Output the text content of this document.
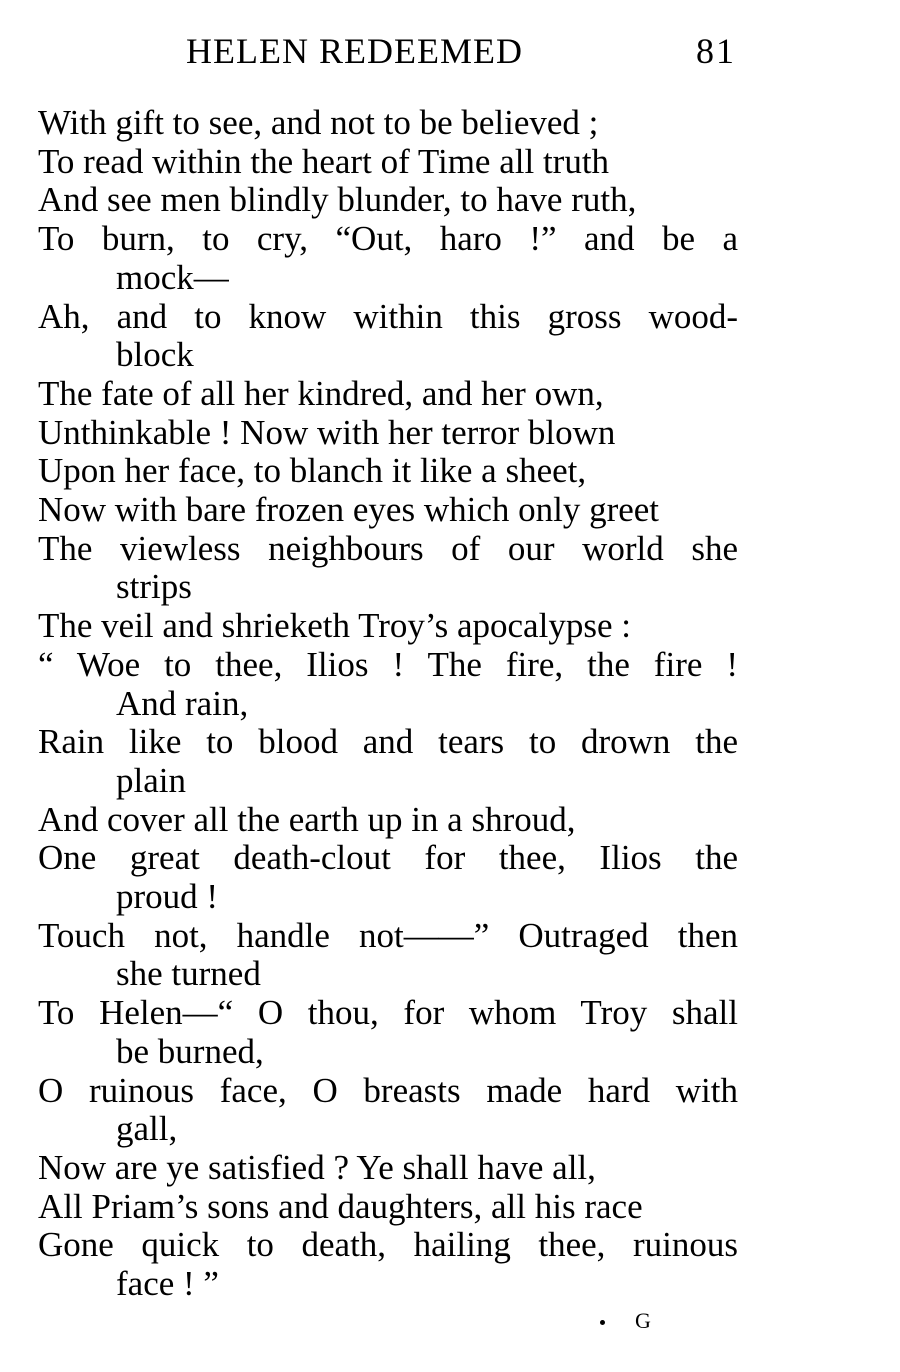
HELEN REDEEMED	81
With gift to see, and not to be believed ;
To read within the heart of Time all truth
And see men blindly blunder, to have ruth,
To burn, to cry, “Out, haro !” and be a
mock—
Ah, and to know within this gross wood-
block
The fate of all her kindred, and her own,
Unthinkable ! Now with her terror blown
Upon her face, to blanch it like a sheet,
Now with bare frozen eyes which only greet
The viewless neighbours of our world she
strips
The veil and shrieketh Troy’s apocalypse :
“ Woe to thee, Ilios ! The fire, the fire !
And rain,
Rain like to blood and tears to drown the
plain
And cover all the earth up in a shroud,
One great death-clout for thee, Ilios the
proud !
Touch not, handle not——” Outraged then
she turned
To Helen—“ O thou, for whom Troy shall
be burned,
O ruinous face, O breasts made hard with
gall,
Now are ye satisfied ? Ye shall have all,
All Priam’s sons and daughters, all his race
Gone quick to death, hailing thee, ruinous
face ! ”
G
